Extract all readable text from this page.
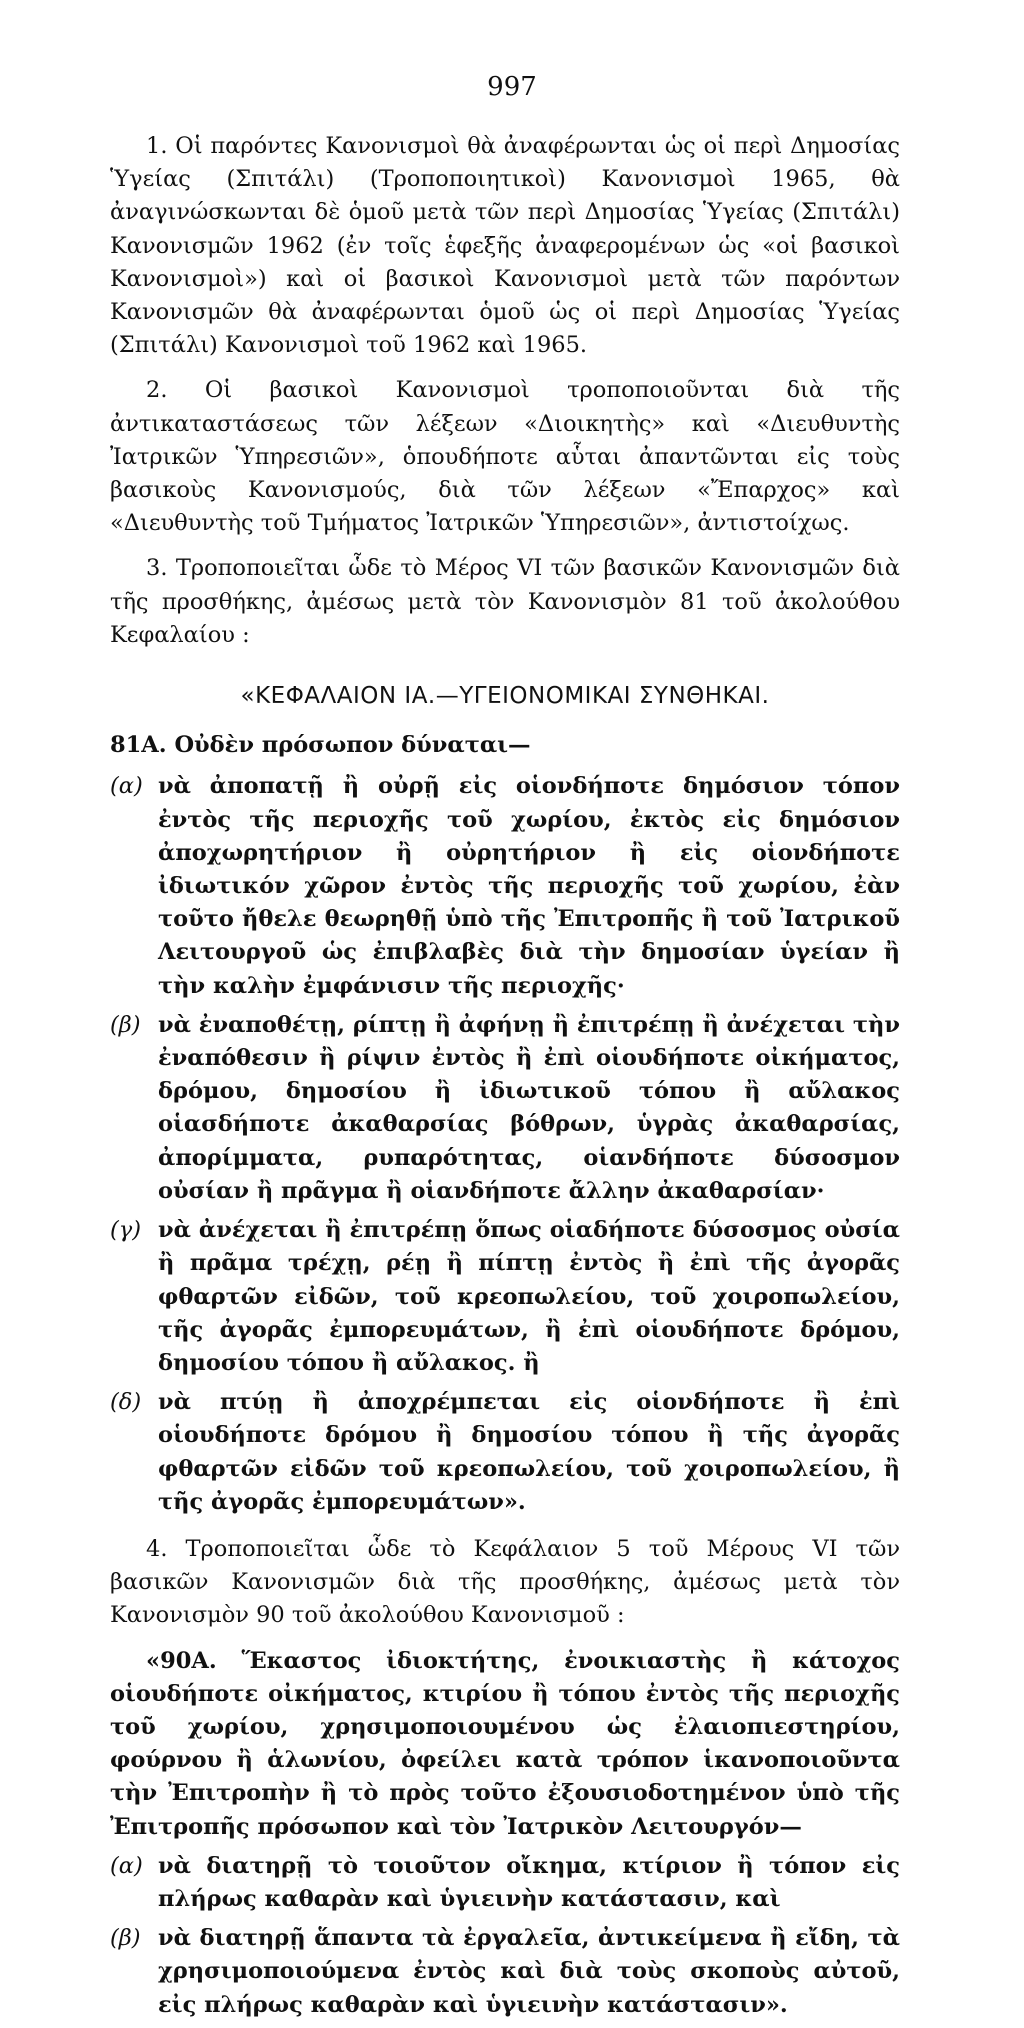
997

1. Οἱ παρόντες Κανονισμοὶ θὰ ἀναφέρωνται ὡς οἱ περὶ Δημοσίας Ὑγείας (Σπιτάλι) (Τροποποιητικοὶ) Κανονισμοὶ 1965, θὰ ἀναγινώσκωνται δὲ ὁμοῦ μετὰ τῶν περὶ Δημοσίας Ὑγείας (Σπιτάλι) Κανονισμῶν 1962 (ἐν τοῖς ἑφεξῆς ἀναφερομένων ὡς «οἱ βασικοὶ Κανονισμοὶ») καὶ οἱ βασικοὶ Κανονισμοὶ μετὰ τῶν παρόντων Κανονισμῶν θὰ ἀναφέρωνται ὁμοῦ ὡς οἱ περὶ Δημοσίας Ὑγείας (Σπιτάλι) Κανονισμοὶ τοῦ 1962 καὶ 1965.

2. Οἱ βασικοὶ Κανονισμοὶ τροποποιοῦνται διὰ τῆς ἀντικαταστάσεως τῶν λέξεων «Διοικητὴς» καὶ «Διευθυντὴς Ἰατρικῶν Ὑπηρεσιῶν», ὁπουδήποτε αὗται ἀπαντῶνται εἰς τοὺς βασικοὺς Κανονισμούς, διὰ τῶν λέξεων «Ἔπαρχος» καὶ «Διευθυντὴς τοῦ Τμήματος Ἰατρικῶν Ὑπηρεσιῶν», ἀντιστοίχως.

3. Τροποποιεῖται ὧδε τὸ Μέρος VI τῶν βασικῶν Κανονισμῶν διὰ τῆς προσθήκης, ἀμέσως μετὰ τὸν Κανονισμὸν 81 τοῦ ἀκολούθου Κεφαλαίου :

«ΚΕΦΑΛΑΙΟΝ ΙΑ.—ΥΓΕΙΟΝΟΜΙΚΑΙ ΣΥΝΘΗΚΑΙ.
81Α. Οὐδὲν πρόσωπον δύναται—
(α) νὰ ἀποπατῇ ἢ οὐρῇ εἰς οἱονδήποτε δημόσιον τόπον ἐντὸς τῆς περιοχῆς τοῦ χωρίου, ἐκτὸς εἰς δημόσιον ἀποχωρητήριον ἢ οὐρητήριον ἢ εἰς οἱονδήποτε ἰδιωτικόν χῶρον ἐντὸς τῆς περιοχῆς τοῦ χωρίου, ἐὰν τοῦτο ἤθελε θεωρηθῇ ὑπὸ τῆς Ἐπιτροπῆς ἢ τοῦ Ἰατρικοῦ Λειτουργοῦ ὡς ἐπιβλαβὲς διὰ τὴν δημοσίαν ὑγείαν ἢ τὴν καλὴν ἐμφάνισιν τῆς περιοχῆς·
(β) νὰ ἐναποθέτῃ, ρίπτῃ ἢ ἀφήνῃ ἢ ἐπιτρέπῃ ἢ ἀνέχεται τὴν ἐναπόθεσιν ἢ ρίψιν ἐντὸς ἢ ἐπὶ οἱουδήποτε οἰκήματος, δρόμου, δημοσίου ἢ ἰδιωτικοῦ τόπου ἢ αὔλακος οἱασδήποτε ἀκαθαρσίας βόθρων, ὑγρὰς ἀκαθαρσίας, ἀπορίμματα, ρυπαρότητας, οἱανδήποτε δύσοσμον οὐσίαν ἢ πρᾶγμα ἢ οἱανδήποτε ἄλλην ἀκαθαρσίαν·
(γ) νὰ ἀνέχεται ἢ ἐπιτρέπῃ ὅπως οἱαδήποτε δύσοσμος οὐσία ἢ πρᾶμα τρέχῃ, ρέῃ ἢ πίπτῃ ἐντὸς ἢ ἐπὶ τῆς ἀγορᾶς φθαρτῶν εἰδῶν, τοῦ κρεοπωλείου, τοῦ χοιροπωλείου, τῆς ἀγορᾶς ἐμπορευμάτων, ἢ ἐπὶ οἱουδήποτε δρόμου, δημοσίου τόπου ἢ αὔλακος. ἢ
(δ) νὰ πτύῃ ἢ ἀποχρέμπεται εἰς οἱονδήποτε ἢ ἐπὶ οἱουδήποτε δρόμου ἢ δημοσίου τόπου ἢ τῆς ἀγορᾶς φθαρτῶν εἰδῶν τοῦ κρεοπωλείου, τοῦ χοιροπωλείου, ἢ τῆς ἀγορᾶς ἐμπορευμάτων».

4. Τροποποιεῖται ὧδε τὸ Κεφάλαιον 5 τοῦ Μέρους VI τῶν βασικῶν Κανονισμῶν διὰ τῆς προσθήκης, ἀμέσως μετὰ τὸν Κανονισμὸν 90 τοῦ ἀκολούθου Κανονισμοῦ :

«90Α. Ἕκαστος ἰδιοκτήτης, ἐνοικιαστὴς ἢ κάτοχος οἱουδήποτε οἰκήματος, κτιρίου ἢ τόπου ἐντὸς τῆς περιοχῆς τοῦ χωρίου, χρησιμοποιουμένου ὡς ἐλαιοπιεστηρίου, φούρνου ἢ ἁλωνίου, ὀφείλει κατὰ τρόπον ἱκανοποιοῦντα τὴν Ἐπιτροπὴν ἢ τὸ πρὸς τοῦτο ἐξουσιοδοτημένον ὑπὸ τῆς Ἐπιτροπῆς πρόσωπον καὶ τὸν Ἰατρικὸν Λειτουργόν—

(α) νὰ διατηρῇ τὸ τοιοῦτον οἴκημα, κτίριον ἢ τόπον εἰς πλήρως καθαρὰν καὶ ὑγιεινὴν κατάστασιν, καὶ
(β) νὰ διατηρῇ ἅπαντα τὰ ἐργαλεῖα, ἀντικείμενα ἢ εἴδη, τὰ χρησιμοποιούμενα ἐντὸς καὶ διὰ τοὺς σκοποὺς αὐτοῦ, εἰς πλήρως καθαρὰν καὶ ὑγιεινὴν κατάστασιν».
